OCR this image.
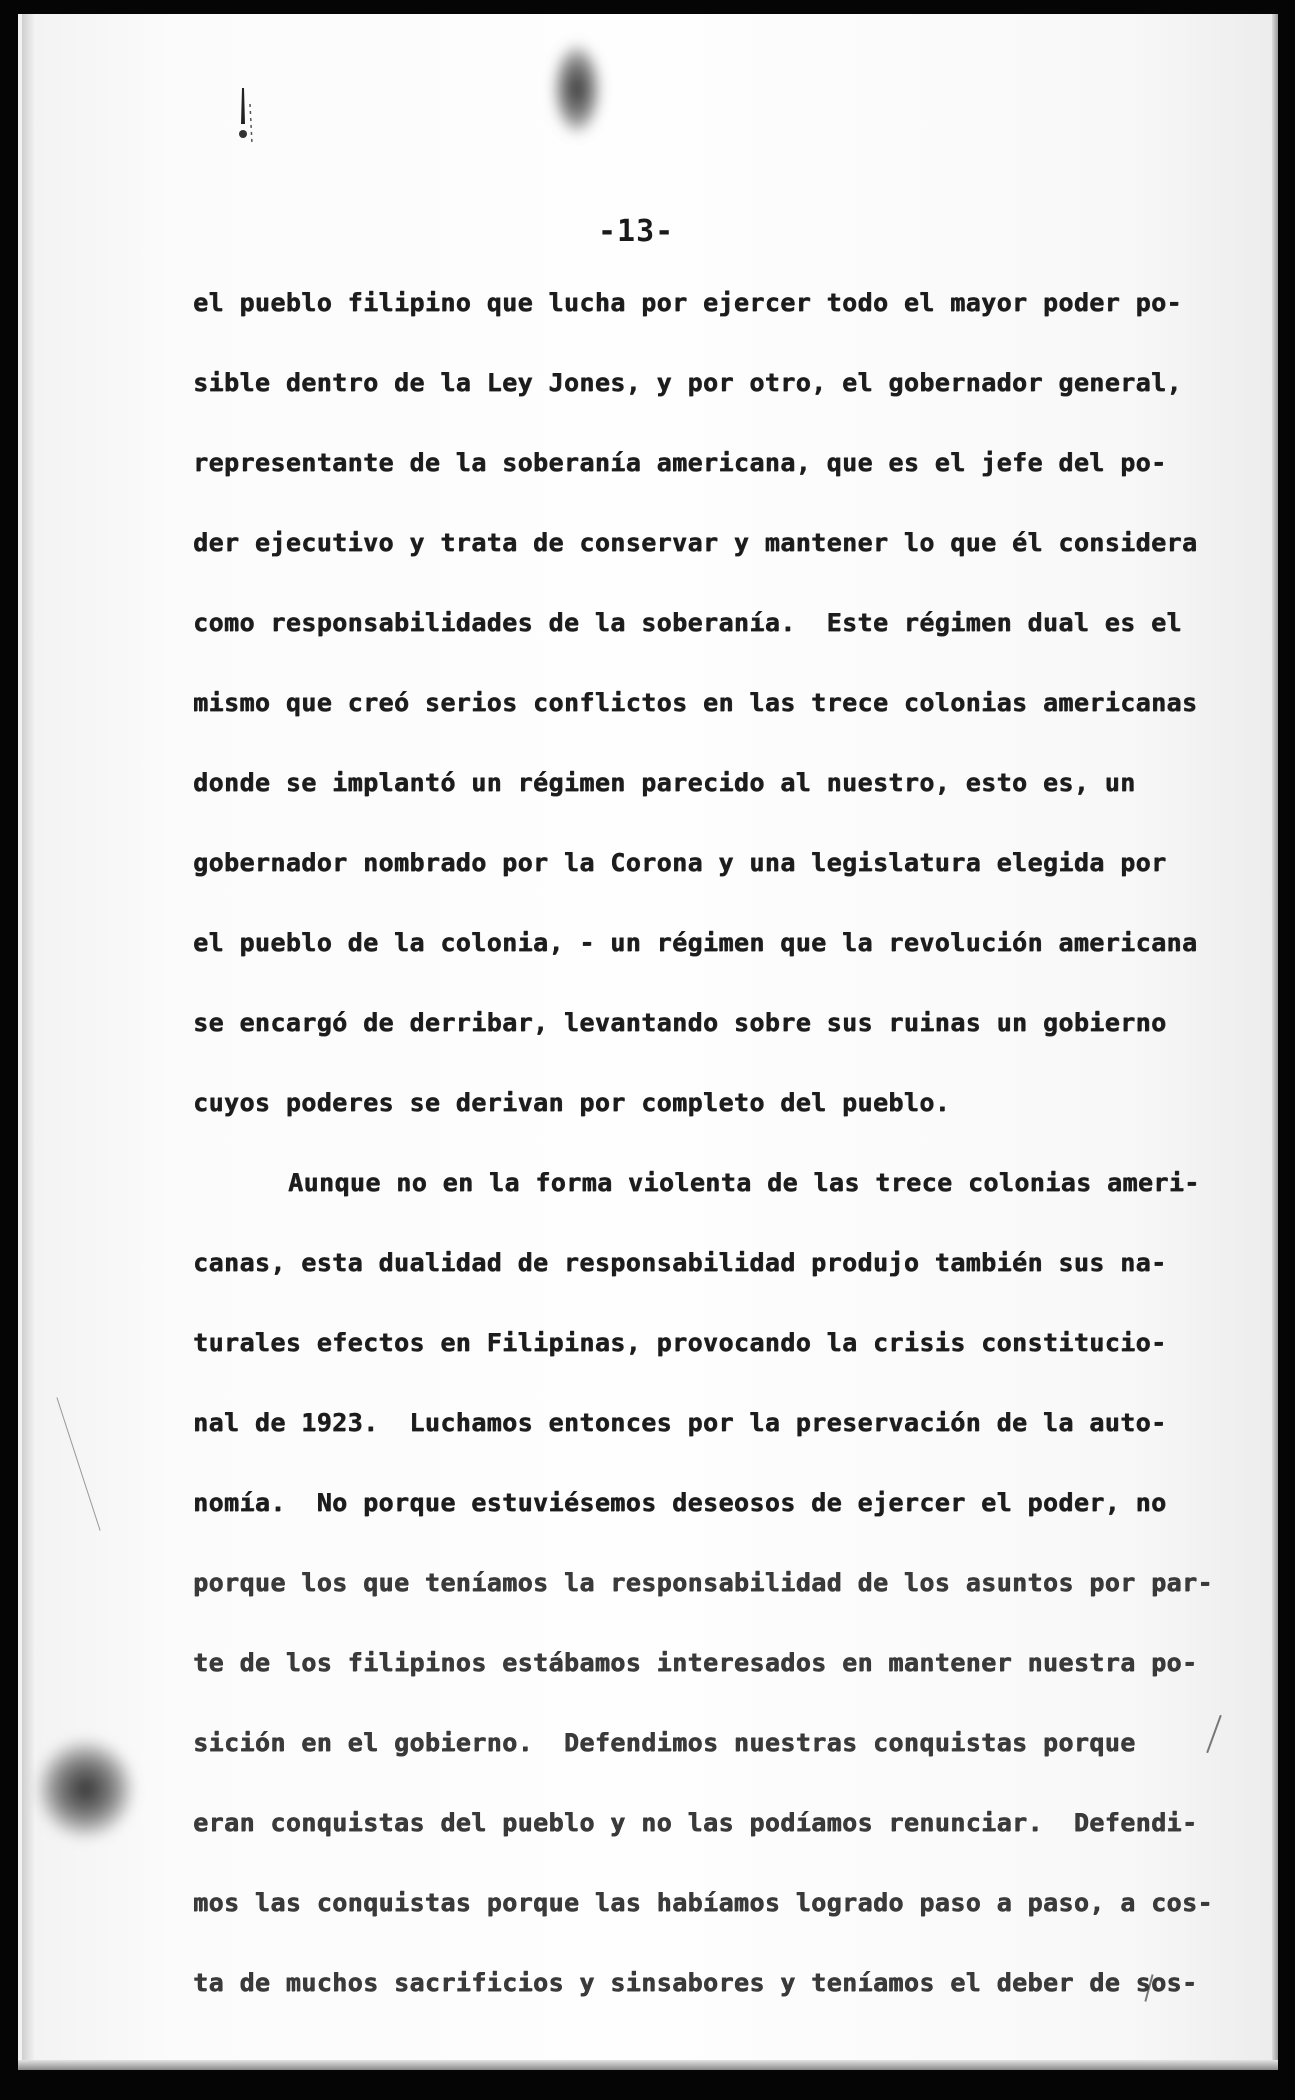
-13-
el pueblo filipino que lucha por ejercer todo el mayor poder po-
sible dentro de la Ley Jones, y por otro, el gobernador general,
representante de la soberanía americana, que es el jefe del po-
der ejecutivo y trata de conservar y mantener lo que él considera
como responsabilidades de la soberanía.  Este régimen dual es el
mismo que creó serios conflictos en las trece colonias americanas
donde se implantó un régimen parecido al nuestro, esto es, un
gobernador nombrado por la Corona y una legislatura elegida por
el pueblo de la colonia, - un régimen que la revolución americana
se encargó de derribar, levantando sobre sus ruinas un gobierno
cuyos poderes se derivan por completo del pueblo.
Aunque no en la forma violenta de las trece colonias ameri-
canas, esta dualidad de responsabilidad produjo también sus na-
turales efectos en Filipinas, provocando la crisis constitucio-
nal de 1923.  Luchamos entonces por la preservación de la auto-
nomía.  No porque estuviésemos deseosos de ejercer el poder, no
porque los que teníamos la responsabilidad de los asuntos por par-
te de los filipinos estábamos interesados en mantener nuestra po-
sición en el gobierno.  Defendimos nuestras conquistas porque
eran conquistas del pueblo y no las podíamos renunciar.  Defendi-
mos las conquistas porque las habíamos logrado paso a paso, a cos-
ta de muchos sacrificios y sinsabores y teníamos el deber de sos-
